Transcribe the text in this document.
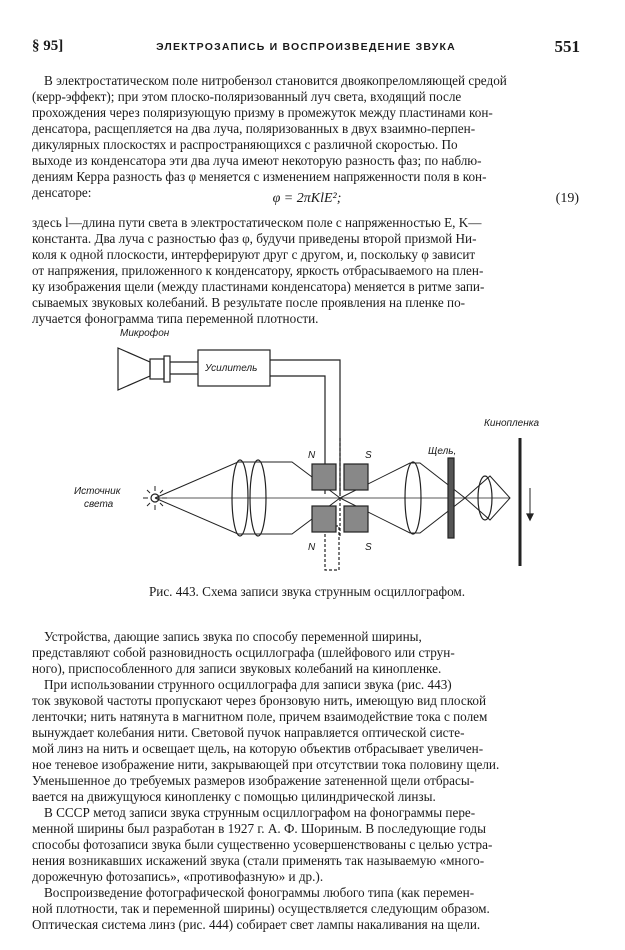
§ 95]	ЭЛЕКТРОЗАПИСЬ И ВОСПРОИЗВЕДЕНИЕ ЗВУКА	551
В электростатическом поле нитробензол становится двоякопреломляющей средой
(керр-эффект); при этом плоско-поляризованный луч света, входящий после
прохождения через поляризующую призму в промежуток между пластинами кон-
денсатора, расщепляется на два луча, поляризованных в двух взаимно-перпен-
дикулярных плоскостях и распространяющихся с различной скоростью. По
выходе из конденсатора эти два луча имеют некоторую разность фаз; по наблю-
дениям Керра разность фаз φ меняется с изменением напряженности поля в кон-
денсаторе:	φ = 2πKlE²;	(19)
здесь l—длина пути света в электростатическом поле с напряженностью E, K—
константа. Два луча с разностью фаз φ, будучи приведены второй призмой Ни-
коля к одной плоскости, интерферируют друг с другом, и, поскольку φ зависит
от напряжения, приложенного к конденсатору, яркость отбрасываемого на плен-
ку изображения щели (между пластинами конденсатора) меняется в ритме запи-
сываемых звуковых колебаний. В результате после проявления на пленке по-
лучается фонограмма типа переменной плотности.
Микрофон
Усилитель
Источник
света
Щель,
Кинопленка
N	S
N	S
Рис. 443. Схема записи звука струнным осциллографом.
Устройства, дающие запись звука по способу переменной ширины,
представляют собой разновидность осциллографа (шлейфового или струн-
ного), приспособленного для записи звуковых колебаний на кинопленке.
При использовании струнного осциллографа для записи звука (рис. 443)
ток звуковой частоты пропускают через бронзовую нить, имеющую вид плоской
ленточки; нить натянута в магнитном поле, причем взаимодействие тока с полем
вынуждает колебания нити. Световой пучок направляется оптической систе-
мой линз на нить и освещает щель, на которую объектив отбрасывает увеличен-
ное теневое изображение нити, закрывающей при отсутствии тока половину щели.
Уменьшенное до требуемых размеров изображение затененной щели отбрасы-
вается на движущуюся кинопленку с помощью цилиндрической линзы.
В СССР метод записи звука струнным осциллографом на фонограммы пере-
менной ширины был разработан в 1927 г. А. Ф. Шориным. В последующие годы
способы фотозаписи звука были существенно усовершенствованы с целью устра-
нения возникавших искажений звука (стали применять так называемую «много-
дорожечную фотозапись», «противофазную» и др.).
Воспроизведение фотографической фонограммы любого типа (как перемен-
ной плотности, так и переменной ширины) осуществляется следующим образом.
Оптическая система линз (рис. 444) собирает свет лампы накаливания на щели.
